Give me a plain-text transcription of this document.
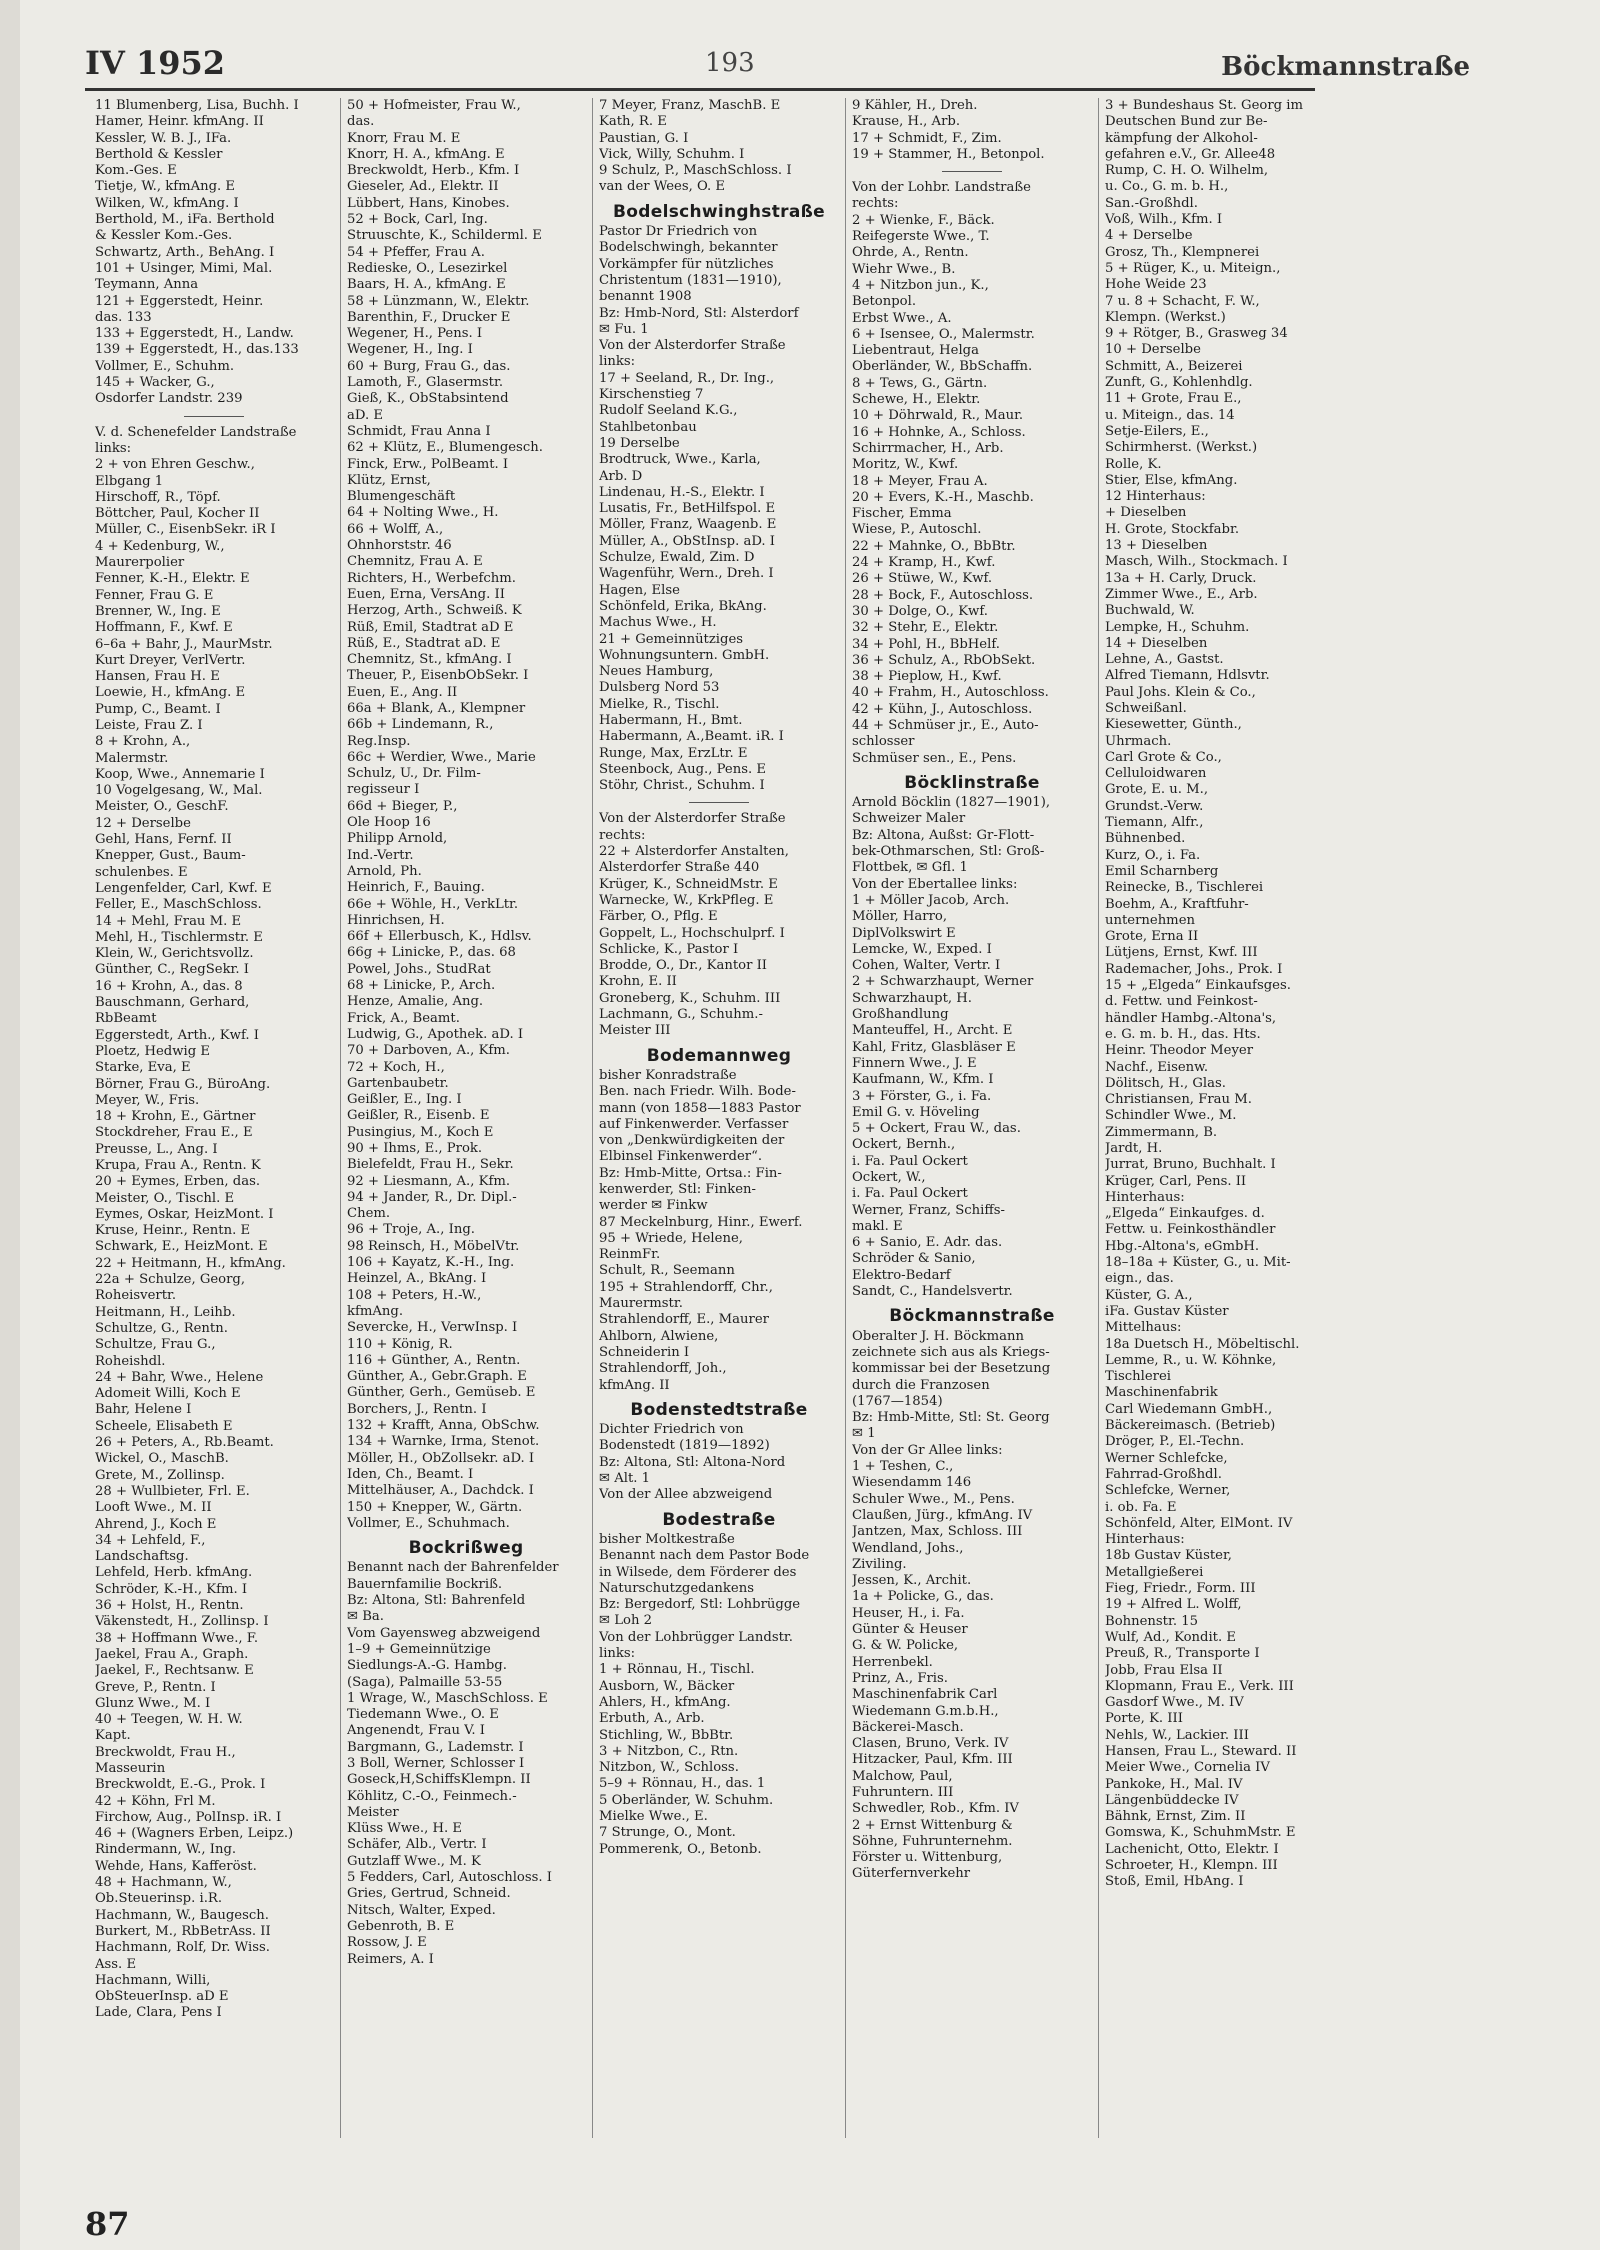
IV 1952	193	Böckmannstraße
11 Blumenberg, Lisa, Buchh. I
Hamer, Heinr. kfmAng. II
Kessler, W. B. J., IFa.
Berthold & Kessler
Kom.-Ges. E
Tietje, W., kfmAng. E
Wilken, W., kfmAng. I
Berthold, M., iFa. Berthold
& Kessler Kom.-Ges.
Schwartz, Arth., BehAng. I
101 + Usinger, Mimi, Mal.
Teymann, Anna
121 + Eggerstedt, Heinr.
das. 133
133 + Eggerstedt, H., Landw.
139 + Eggerstedt, H., das.133
Vollmer, E., Schuhm.
145 + Wacker, G.,
Osdorfer Landstr. 239
V. d. Schenefelder Landstraße
links:
2 + von Ehren Geschw.,
Elbgang 1
Hirschoff, R., Töpf.
Böttcher, Paul, Kocher II
Müller, C., EisenbSekr. iR I
4 + Kedenburg, W.,
Maurerpolier
Fenner, K.-H., Elektr. E
Fenner, Frau G. E
Brenner, W., Ing. E
Hoffmann, F., Kwf. E
6–6a + Bahr, J., MaurMstr.
Kurt Dreyer, VerlVertr.
Hansen, Frau H. E
Loewie, H., kfmAng. E
Pump, C., Beamt. I
Leiste, Frau Z. I
8 + Krohn, A.,
Malermstr.
Koop, Wwe., Annemarie I
10 Vogelgesang, W., Mal.
Meister, O., GeschF.
12 + Derselbe
Gehl, Hans, Fernf. II
Knepper, Gust., Baum-
schulenbes. E
Lengenfelder, Carl, Kwf. E
Feller, E., MaschSchloss.
14 + Mehl, Frau M. E
Mehl, H., Tischlermstr. E
Klein, W., Gerichtsvollz.
Günther, C., RegSekr. I
16 + Krohn, A., das. 8
Bauschmann, Gerhard,
RbBeamt
Eggerstedt, Arth., Kwf. I
Ploetz, Hedwig E
Starke, Eva, E
Börner, Frau G., BüroAng.
Meyer, W., Fris.
18 + Krohn, E., Gärtner
Stockdreher, Frau E., E
Preusse, L., Ang. I
Krupa, Frau A., Rentn. K
20 + Eymes, Erben, das.
Meister, O., Tischl. E
Eymes, Oskar, HeizMont. I
Kruse, Heinr., Rentn. E
Schwark, E., HeizMont. E
22 + Heitmann, H., kfmAng.
22a + Schulze, Georg,
Roheisvertr.
Heitmann, H., Leihb.
Schultze, G., Rentn.
Schultze, Frau G.,
Roheishdl.
24 + Bahr, Wwe., Helene
Adomeit Willi, Koch E
Bahr, Helene I
Scheele, Elisabeth E
26 + Peters, A., Rb.Beamt.
Wickel, O., MaschB.
Grete, M., Zollinsp.
28 + Wullbieter, Frl. E.
Looft Wwe., M. II
Ahrend, J., Koch E
34 + Lehfeld, F.,
Landschaftsg.
Lehfeld, Herb. kfmAng.
Schröder, K.-H., Kfm. I
36 + Holst, H., Rentn.
Väkenstedt, H., Zollinsp. I
38 + Hoffmann Wwe., F.
Jaekel, Frau A., Graph.
Jaekel, F., Rechtsanw. E
Greve, P., Rentn. I
Glunz Wwe., M. I
40 + Teegen, W. H. W.
Kapt.
Breckwoldt, Frau H.,
Masseurin
Breckwoldt, E.-G., Prok. I
42 + Köhn, Frl M.
Firchow, Aug., PolInsp. iR. I
46 + (Wagners Erben, Leipz.)
Rindermann, W., Ing.
Wehde, Hans, Kafferöst.
48 + Hachmann, W.,
Ob.Steuerinsp. i.R.
Hachmann, W., Baugesch.
Burkert, M., RbBetrAss. II
Hachmann, Rolf, Dr. Wiss.
Ass. E
Hachmann, Willi,
ObSteuerInsp. aD E
Lade, Clara, Pens I
50 + Hofmeister, Frau W.,
das.
Knorr, Frau M. E
Knorr, H. A., kfmAng. E
Breckwoldt, Herb., Kfm. I
Gieseler, Ad., Elektr. II
Lübbert, Hans, Kinobes.
52 + Bock, Carl, Ing.
Struuschte, K., Schilderml. E
54 + Pfeffer, Frau A.
Redieske, O., Lesezirkel
Baars, H. A., kfmAng. E
58 + Lünzmann, W., Elektr.
Barenthin, F., Drucker E
Wegener, H., Pens. I
Wegener, H., Ing. I
60 + Burg, Frau G., das.
Lamoth, F., Glasermstr.
Gieß, K., ObStabsintend
aD. E
Schmidt, Frau Anna I
62 + Klütz, E., Blumengesch.
Finck, Erw., PolBeamt. I
Klütz, Ernst,
Blumengeschäft
64 + Nolting Wwe., H.
66 + Wolff, A.,
Ohnhorststr. 46
Chemnitz, Frau A. E
Richters, H., Werbefchm.
Euen, Erna, VersAng. II
Herzog, Arth., Schweiß. K
Rüß, Emil, Stadtrat aD E
Rüß, E., Stadtrat aD. E
Chemnitz, St., kfmAng. I
Theuer, P., EisenbObSekr. I
Euen, E., Ang. II
66a + Blank, A., Klempner
66b + Lindemann, R.,
Reg.Insp.
66c + Werdier, Wwe., Marie
Schulz, U., Dr. Film-
regisseur I
66d + Bieger, P.,
Ole Hoop 16
Philipp Arnold,
Ind.-Vertr.
Arnold, Ph.
Heinrich, F., Bauing.
66e + Wöhle, H., VerkLtr.
Hinrichsen, H.
66f + Ellerbusch, K., Hdlsv.
66g + Linicke, P., das. 68
Powel, Johs., StudRat
68 + Linicke, P., Arch.
Henze, Amalie, Ang.
Frick, A., Beamt.
Ludwig, G., Apothek. aD. I
70 + Darboven, A., Kfm.
72 + Koch, H.,
Gartenbaubetr.
Geißler, E., Ing. I
Geißler, R., Eisenb. E
Pusingius, M., Koch E
90 + Ihms, E., Prok.
Bielefeldt, Frau H., Sekr.
92 + Liesmann, A., Kfm.
94 + Jander, R., Dr. Dipl.-
Chem.
96 + Troje, A., Ing.
98 Reinsch, H., MöbelVtr.
106 + Kayatz, K.-H., Ing.
Heinzel, A., BkAng. I
108 + Peters, H.-W.,
kfmAng.
Severcke, H., VerwInsp. I
110 + König, R.
116 + Günther, A., Rentn.
Günther, A., Gebr.Graph. E
Günther, Gerh., Gemüseb. E
Borchers, J., Rentn. I
132 + Krafft, Anna, ObSchw.
134 + Warnke, Irma, Stenot.
Möller, H., ObZollsekr. aD. I
Iden, Ch., Beamt. I
Mittelhäuser, A., Dachdck. I
150 + Knepper, W., Gärtn.
Vollmer, E., Schuhmach.
Bockrißweg
Benannt nach der Bahrenfelder
Bauernfamilie Bockriß.
Bz: Altona, Stl: Bahrenfeld
✉ Ba.
Vom Gayensweg abzweigend
1–9 + Gemeinnützige
Siedlungs-A.-G. Hambg.
(Saga), Palmaille 53-55
1 Wrage, W., MaschSchloss. E
Tiedemann Wwe., O. E
Angenendt, Frau V. I
Bargmann, G., Lademstr. I
3 Boll, Werner, Schlosser I
Goseck,H,SchiffsKlempn. II
Köhlitz, C.-O., Feinmech.-
Meister
Klüss Wwe., H. E
Schäfer, Alb., Vertr. I
Gutzlaff Wwe., M. K
5 Fedders, Carl, Autoschloss. I
Gries, Gertrud, Schneid.
Nitsch, Walter, Exped.
Gebenroth, B. E
Rossow, J. E
Reimers, A. I
7 Meyer, Franz, MaschB. E
Kath, R. E
Paustian, G. I
Vick, Willy, Schuhm. I
9 Schulz, P., MaschSchloss. I
van der Wees, O. E
Bodelschwinghstraße
Pastor Dr Friedrich von
Bodelschwingh, bekannter
Vorkämpfer für nützliches
Christentum (1831—1910),
benannt 1908
Bz: Hmb-Nord, Stl: Alsterdorf
✉ Fu. 1
Von der Alsterdorfer Straße
links:
17 + Seeland, R., Dr. Ing.,
Kirschenstieg 7
Rudolf Seeland K.G.,
Stahlbetonbau
19 Derselbe
Brodtruck, Wwe., Karla,
Arb. D
Lindenau, H.-S., Elektr. I
Lusatis, Fr., BetHilfspol. E
Möller, Franz, Waagenb. E
Müller, A., ObStInsp. aD. I
Schulze, Ewald, Zim. D
Wagenführ, Wern., Dreh. I
Hagen, Else
Schönfeld, Erika, BkAng.
Machus Wwe., H.
21 + Gemeinnütziges
Wohnungsuntern. GmbH.
Neues Hamburg,
Dulsberg Nord 53
Mielke, R., Tischl.
Habermann, H., Bmt.
Habermann, A.,Beamt. iR. I
Runge, Max, ErzLtr. E
Steenbock, Aug., Pens. E
Stöhr, Christ., Schuhm. I
Von der Alsterdorfer Straße
rechts:
22 + Alsterdorfer Anstalten,
Alsterdorfer Straße 440
Krüger, K., SchneidMstr. E
Warnecke, W., KrkPfleg. E
Färber, O., Pflg. E
Goppelt, L., Hochschulprf. I
Schlicke, K., Pastor I
Brodde, O., Dr., Kantor II
Krohn, E. II
Groneberg, K., Schuhm. III
Lachmann, G., Schuhm.-
Meister III
Bodemannweg
bisher Konradstraße
Ben. nach Friedr. Wilh. Bode-
mann (von 1858—1883 Pastor
auf Finkenwerder. Verfasser
von „Denkwürdigkeiten der
Elbinsel Finkenwerder“.
Bz: Hmb-Mitte, Ortsa.: Fin-
kenwerder, Stl: Finken-
werder ✉ Finkw
87 Meckelnburg, Hinr., Ewerf.
95 + Wriede, Helene,
ReinmFr.
Schult, R., Seemann
195 + Strahlendorff, Chr.,
Maurermstr.
Strahlendorff, E., Maurer
Ahlborn, Alwiene,
Schneiderin I
Strahlendorff, Joh.,
kfmAng. II
Bodenstedtstraße
Dichter Friedrich von
Bodenstedt (1819—1892)
Bz: Altona, Stl: Altona-Nord
✉ Alt. 1
Von der Allee abzweigend
Bodestraße
bisher Moltkestraße
Benannt nach dem Pastor Bode
in Wilsede, dem Förderer des
Naturschutzgedankens
Bz: Bergedorf, Stl: Lohbrügge
✉ Loh 2
Von der Lohbrügger Landstr.
links:
1 + Rönnau, H., Tischl.
Ausborn, W., Bäcker
Ahlers, H., kfmAng.
Erbuth, A., Arb.
Stichling, W., BbBtr.
3 + Nitzbon, C., Rtn.
Nitzbon, W., Schloss.
5–9 + Rönnau, H., das. 1
5 Oberländer, W. Schuhm.
Mielke Wwe., E.
7 Strunge, O., Mont.
Pommerenk, O., Betonb.
9 Kähler, H., Dreh.
Krause, H., Arb.
17 + Schmidt, F., Zim.
19 + Stammer, H., Betonpol.
Von der Lohbr. Landstraße
rechts:
2 + Wienke, F., Bäck.
Reifegerste Wwe., T.
Ohrde, A., Rentn.
Wiehr Wwe., B.
4 + Nitzbon jun., K.,
Betonpol.
Erbst Wwe., A.
6 + Isensee, O., Malermstr.
Liebentraut, Helga
Oberländer, W., BbSchaffn.
8 + Tews, G., Gärtn.
Schewe, H., Elektr.
10 + Döhrwald, R., Maur.
16 + Hohnke, A., Schloss.
Schirrmacher, H., Arb.
Moritz, W., Kwf.
18 + Meyer, Frau A.
20 + Evers, K.-H., Maschb.
Fischer, Emma
Wiese, P., Autoschl.
22 + Mahnke, O., BbBtr.
24 + Kramp, H., Kwf.
26 + Stüwe, W., Kwf.
28 + Bock, F., Autoschloss.
30 + Dolge, O., Kwf.
32 + Stehr, E., Elektr.
34 + Pohl, H., BbHelf.
36 + Schulz, A., RbObSekt.
38 + Pieplow, H., Kwf.
40 + Frahm, H., Autoschloss.
42 + Kühn, J., Autoschloss.
44 + Schmüser jr., E., Auto-
schlosser
Schmüser sen., E., Pens.
Böcklinstraße
Arnold Böcklin (1827—1901),
Schweizer Maler
Bz: Altona, Außst: Gr-Flott-
bek-Othmarschen, Stl: Groß-
Flottbek, ✉ Gfl. 1
Von der Ebertallee links:
1 + Möller Jacob, Arch.
Möller, Harro,
DiplVolkswirt E
Lemcke, W., Exped. I
Cohen, Walter, Vertr. I
2 + Schwarzhaupt, Werner
Schwarzhaupt, H.
Großhandlung
Manteuffel, H., Archt. E
Kahl, Fritz, Glasbläser E
Finnern Wwe., J. E
Kaufmann, W., Kfm. I
3 + Förster, G., i. Fa.
Emil G. v. Höveling
5 + Ockert, Frau W., das.
Ockert, Bernh.,
i. Fa. Paul Ockert
Ockert, W.,
i. Fa. Paul Ockert
Werner, Franz, Schiffs-
makl. E
6 + Sanio, E. Adr. das.
Schröder & Sanio,
Elektro-Bedarf
Sandt, C., Handelsvertr.
Böckmannstraße
Oberalter J. H. Böckmann
zeichnete sich aus als Kriegs-
kommissar bei der Besetzung
durch die Franzosen
(1767—1854)
Bz: Hmb-Mitte, Stl: St. Georg
✉ 1
Von der Gr Allee links:
1 + Teshen, C.,
Wiesendamm 146
Schuler Wwe., M., Pens.
Claußen, Jürg., kfmAng. IV
Jantzen, Max, Schloss. III
Wendland, Johs.,
Ziviling.
Jessen, K., Archit.
1a + Policke, G., das.
Heuser, H., i. Fa.
Günter & Heuser
G. & W. Policke,
Herrenbekl.
Prinz, A., Fris.
Maschinenfabrik Carl
Wiedemann G.m.b.H.,
Bäckerei-Masch.
Clasen, Bruno, Verk. IV
Hitzacker, Paul, Kfm. III
Malchow, Paul,
Fuhruntern. III
Schwedler, Rob., Kfm. IV
2 + Ernst Wittenburg &
Söhne, Fuhrunternehm.
Förster u. Wittenburg,
Güterfernverkehr
3 + Bundeshaus St. Georg im
Deutschen Bund zur Be-
kämpfung der Alkohol-
gefahren e.V., Gr. Allee48
Rump, C. H. O. Wilhelm,
u. Co., G. m. b. H.,
San.-Großhdl.
Voß, Wilh., Kfm. I
4 + Derselbe
Grosz, Th., Klempnerei
5 + Rüger, K., u. Miteign.,
Hohe Weide 23
7 u. 8 + Schacht, F. W.,
Klempn. (Werkst.)
9 + Rötger, B., Grasweg 34
10 + Derselbe
Schmitt, A., Beizerei
Zunft, G., Kohlenhdlg.
11 + Grote, Frau E.,
u. Miteign., das. 14
Setje-Eilers, E.,
Schirmherst. (Werkst.)
Rolle, K.
Stier, Else, kfmAng.
12 Hinterhaus:
+ Dieselben
H. Grote, Stockfabr.
13 + Dieselben
Masch, Wilh., Stockmach. I
13a + H. Carly, Druck.
Zimmer Wwe., E., Arb.
Buchwald, W.
Lempke, H., Schuhm.
14 + Dieselben
Lehne, A., Gastst.
Alfred Tiemann, Hdlsvtr.
Paul Johs. Klein & Co.,
Schweißanl.
Kiesewetter, Günth.,
Uhrmach.
Carl Grote & Co.,
Celluloidwaren
Grote, E. u. M.,
Grundst.-Verw.
Tiemann, Alfr.,
Bühnenbed.
Kurz, O., i. Fa.
Emil Scharnberg
Reinecke, B., Tischlerei
Boehm, A., Kraftfuhr-
unternehmen
Grote, Erna II
Lütjens, Ernst, Kwf. III
Rademacher, Johs., Prok. I
15 + „Elgeda“ Einkaufsges.
d. Fettw. und Feinkost-
händler Hambg.-Altona's,
e. G. m. b. H., das. Hts.
Heinr. Theodor Meyer
Nachf., Eisenw.
Dölitsch, H., Glas.
Christiansen, Frau M.
Schindler Wwe., M.
Zimmermann, B.
Jardt, H.
Jurrat, Bruno, Buchhalt. I
Krüger, Carl, Pens. II
Hinterhaus:
„Elgeda“ Einkaufges. d.
Fettw. u. Feinkosthändler
Hbg.-Altona's, eGmbH.
18–18a + Küster, G., u. Mit-
eign., das.
Küster, G. A.,
iFa. Gustav Küster
Mittelhaus:
18a Duetsch H., Möbeltischl.
Lemme, R., u. W. Köhnke,
Tischlerei
Maschinenfabrik
Carl Wiedemann GmbH.,
Bäckereimasch. (Betrieb)
Dröger, P., El.-Techn.
Werner Schlefcke,
Fahrrad-Großhdl.
Schlefcke, Werner,
i. ob. Fa. E
Schönfeld, Alter, ElMont. IV
Hinterhaus:
18b Gustav Küster,
Metallgießerei
Fieg, Friedr., Form. III
19 + Alfred L. Wolff,
Bohnenstr. 15
Wulf, Ad., Kondit. E
Preuß, R., Transporte I
Jobb, Frau Elsa II
Klopmann, Frau E., Verk. III
Gasdorf Wwe., M. IV
Porte, K. III
Nehls, W., Lackier. III
Hansen, Frau L., Steward. II
Meier Wwe., Cornelia IV
Pankoke, H., Mal. IV
Längenbüddecke IV
Bähnk, Ernst, Zim. II
Gomswa, K., SchuhmMstr. E
Lachenicht, Otto, Elektr. I
Schroeter, H., Klempn. III
Stoß, Emil, HbAng. I
87
